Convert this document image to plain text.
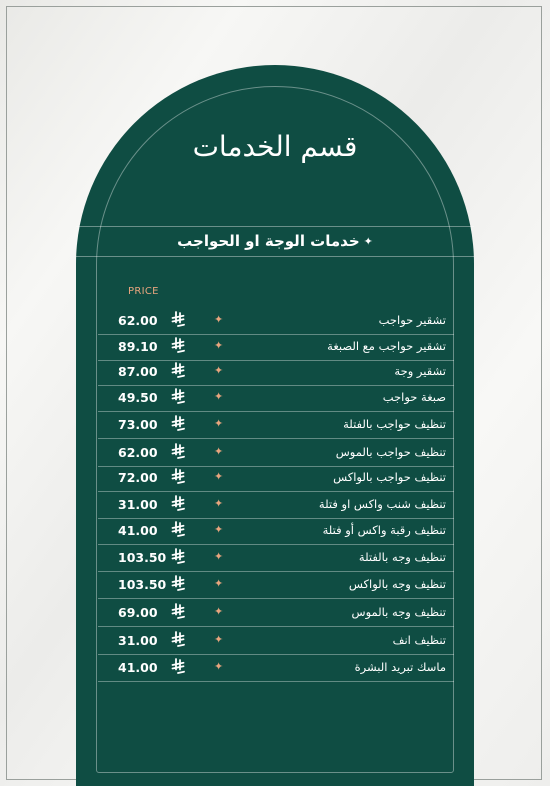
قسم الخدمات
✦
خدمات الوجة او الحواجب
PRICE
62.00	✦	تشقير حواجب
89.10	✦	تشقير حواجب مع الصبغة
87.00	✦	تشقير وجة
49.50	✦	صبغة حواجب
73.00	✦	تنظيف حواجب بالفتلة
62.00	✦	تنظيف حواجب بالموس
72.00	✦	تنظيف حواجب بالواكس
31.00	✦	تنظيف شنب واكس او فتلة
41.00	✦	تنظيف رقبة واكس أو فتلة
103.50	✦	تنظيف وجه بالفتلة
103.50	✦	تنظيف وجه بالواكس
69.00	✦	تنظيف وجه بالموس
31.00	✦	تنظيف انف
41.00	✦	ماسك تبريد البشرة
